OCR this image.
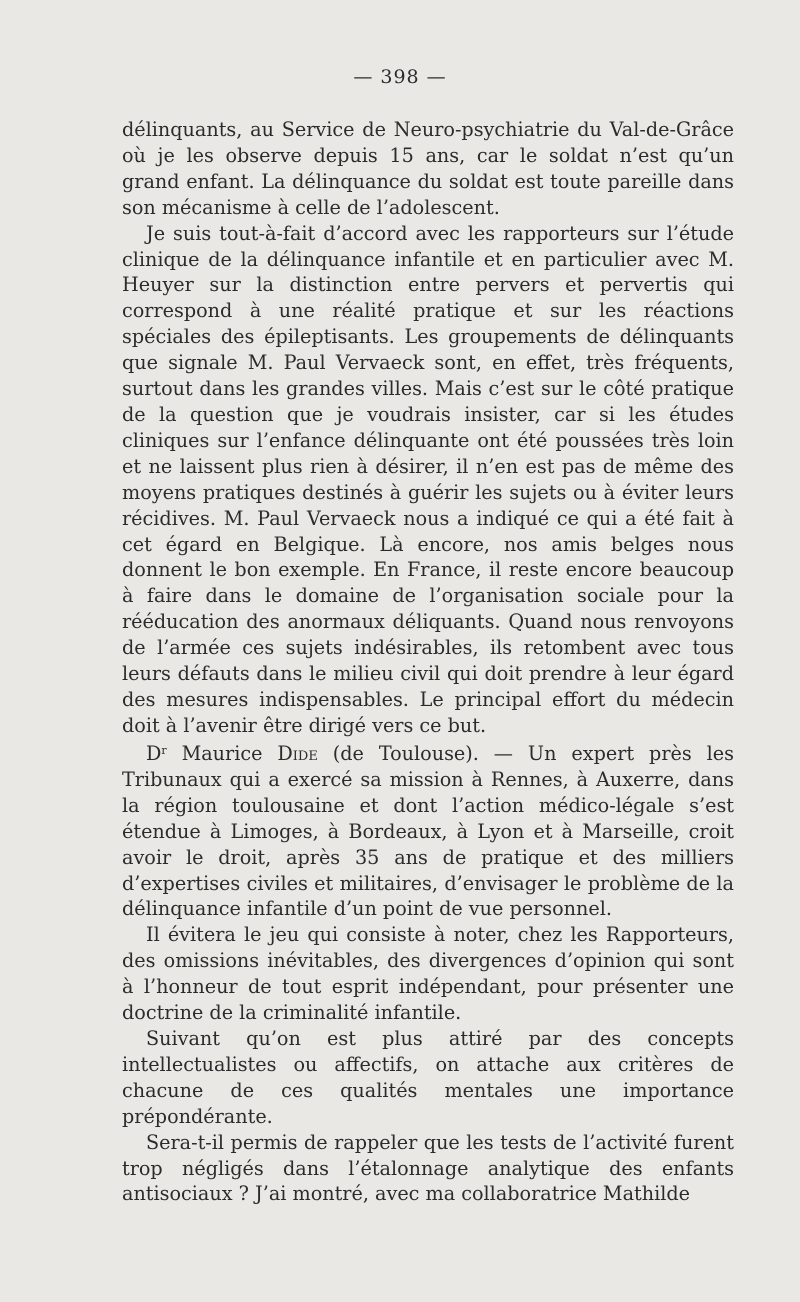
— 398 —

délinquants, au Service de Neuro-psychiatrie du Val-de-Grâce où je les observe depuis 15 ans, car le soldat n’est qu’un grand enfant. La délinquance du soldat est toute pareille dans son mécanisme à celle de l’adolescent.

Je suis tout-à-fait d’accord avec les rapporteurs sur l’étude clinique de la délinquance infantile et en particulier avec M. Heuyer sur la distinction entre pervers et pervertis qui correspond à une réalité pratique et sur les réactions spéciales des épileptisants. Les groupements de délinquants que signale M. Paul Vervaeck sont, en effet, très fréquents, surtout dans les grandes villes. Mais c’est sur le côté pratique de la question que je voudrais insister, car si les études cliniques sur l’enfance délinquante ont été poussées très loin et ne laissent plus rien à désirer, il n’en est pas de même des moyens pratiques destinés à guérir les sujets ou à éviter leurs récidives. M. Paul Vervaeck nous a indiqué ce qui a été fait à cet égard en Belgique. Là encore, nos amis belges nous donnent le bon exemple. En France, il reste encore beaucoup à faire dans le domaine de l’organisation sociale pour la rééducation des anormaux déliquants. Quand nous renvoyons de l’armée ces sujets indésirables, ils retombent avec tous leurs défauts dans le milieu civil qui doit prendre à leur égard des mesures indispensables. Le principal effort du médecin doit à l’avenir être dirigé vers ce but.

$D^r$ Maurice Dide (de Toulouse). — Un expert près les Tribunaux qui a exercé sa mission à Rennes, à Auxerre, dans la région toulousaine et dont l’action médico-légale s’est étendue à Limoges, à Bordeaux, à Lyon et à Marseille, croit avoir le droit, après 35 ans de pratique et des milliers d’expertises civiles et militaires, d’envisager le problème de la délinquance infantile d’un point de vue personnel.

Il évitera le jeu qui consiste à noter, chez les Rapporteurs, des omissions inévitables, des divergences d’opinion qui sont à l’honneur de tout esprit indépendant, pour présenter une doctrine de la criminalité infantile.

Suivant qu’on est plus attiré par des concepts intellectualistes ou affectifs, on attache aux critères de chacune de ces qualités mentales une importance prépondérante.

Sera-t-il permis de rappeler que les tests de l’activité furent trop négligés dans l’étalonnage analytique des enfants antisociaux ? J’ai montré, avec ma collaboratrice Mathilde
